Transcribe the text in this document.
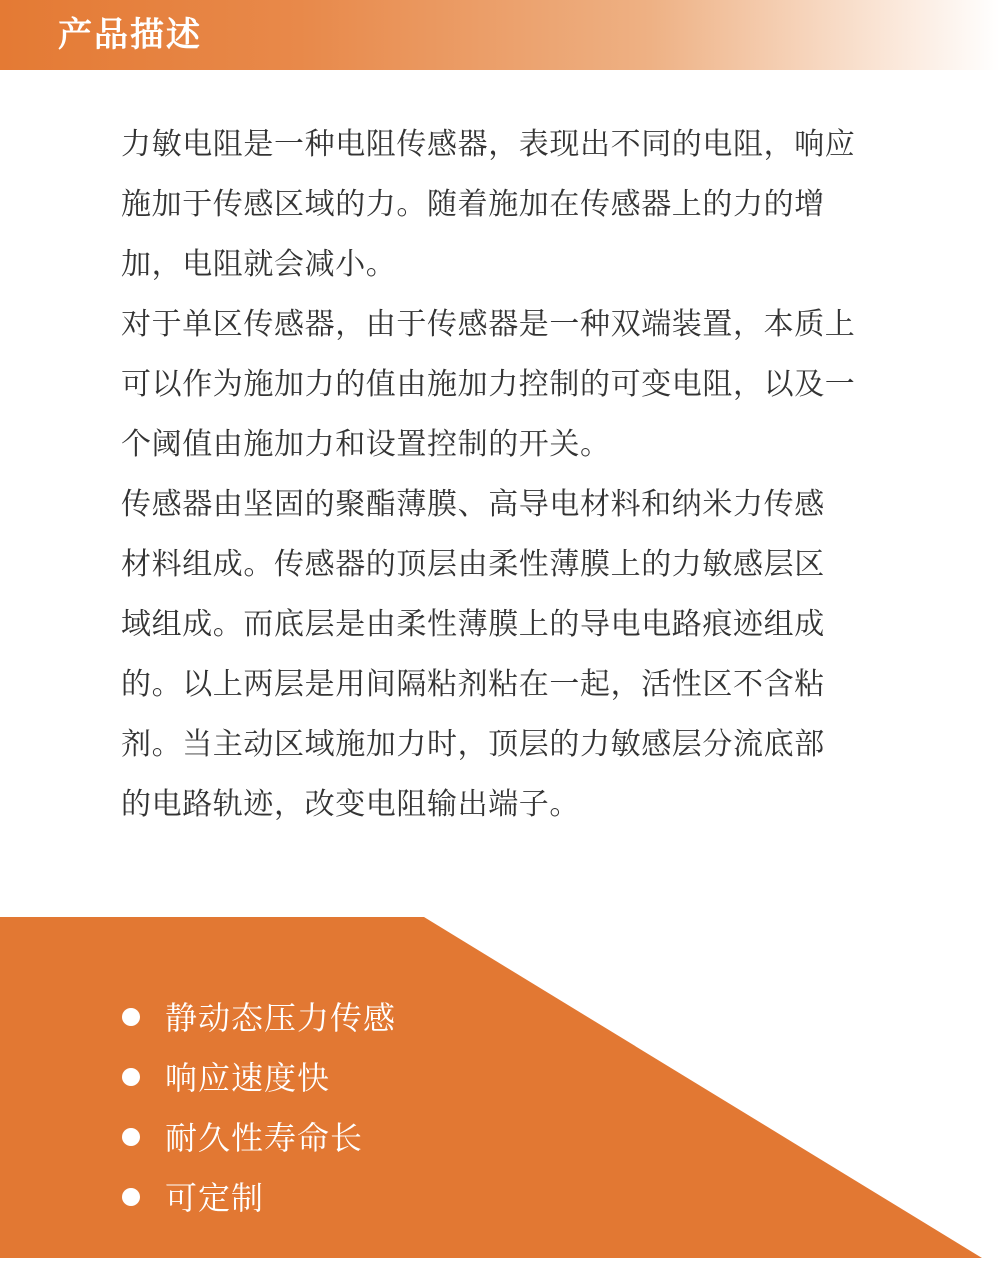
产品描述

力敏电阻是一种电阻传感器，表现出不同的电阻，响应
施加于传感区域的力。随着施加在传感器上的力的增
加，电阻就会减小。

对于单区传感器，由于传感器是一种双端装置，本质上
可以作为施加力的值由施加力控制的可变电阻，以及一
个阈值由施加力和设置控制的开关。

传感器由坚固的聚酯薄膜、高导电材料和纳米力传感
材料组成。传感器的顶层由柔性薄膜上的力敏感层区
域组成。而底层是由柔性薄膜上的导电电路痕迹组成
的。以上两层是用间隔粘剂粘在一起，活性区不含粘
剂。当主动区域施加力时，顶层的力敏感层分流底部
的电路轨迹，改变电阻输出端子。

静动态压力传感
响应速度快
耐久性寿命长
可定制
